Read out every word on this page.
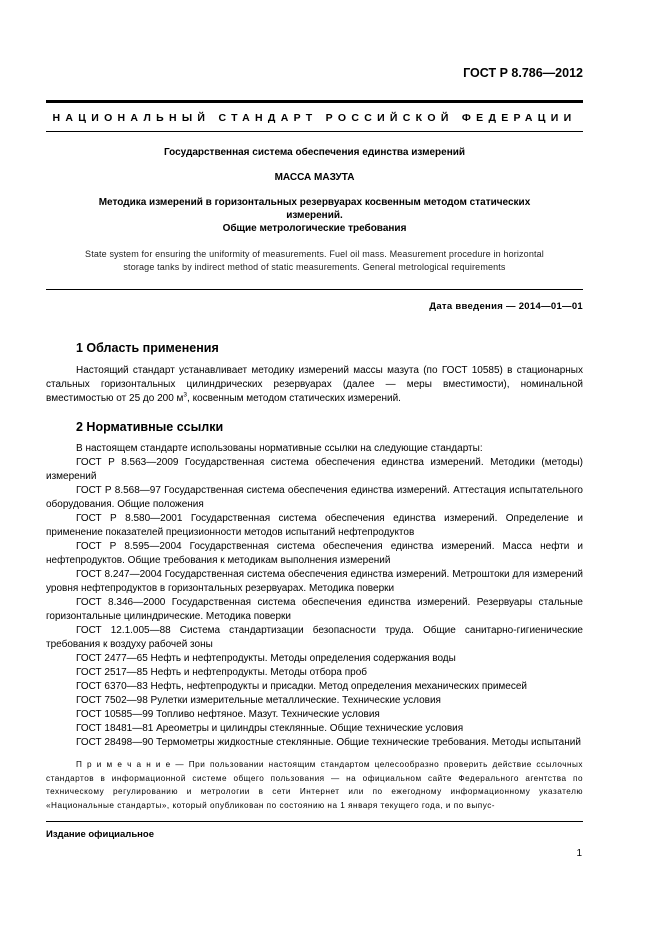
ГОСТ Р 8.786—2012
НАЦИОНАЛЬНЫЙ СТАНДАРТ РОССИЙСКОЙ ФЕДЕРАЦИИ
Государственная система обеспечения единства измерений
МАССА МАЗУТА
Методика измерений в горизонтальных резервуарах косвенным методом статических
измерений.
Общие метрологические требования
State system for ensuring the uniformity of measurements. Fuel oil mass. Measurement procedure in horizontal
storage tanks by indirect method of static measurements. General metrological requirements
Дата введения — 2014—01—01
1 Область применения

Настоящий стандарт устанавливает методику измерений массы мазута (по ГОСТ 10585) в стационарных стальных горизонтальных цилиндрических резервуарах (далее — меры вместимости), номинальной вместимостью от 25 до 200 $м^3$, косвенным методом статических измерений.

2 Нормативные ссылки

В настоящем стандарте использованы нормативные ссылки на следующие стандарты:

ГОСТ Р 8.563—2009 Государственная система обеспечения единства измерений. Методики (методы) измерений

ГОСТ Р 8.568—97 Государственная система обеспечения единства измерений. Аттестация испытательного оборудования. Общие положения

ГОСТ Р 8.580—2001 Государственная система обеспечения единства измерений. Определение и применение показателей прецизионности методов испытаний нефтепродуктов

ГОСТ Р 8.595—2004 Государственная система обеспечения единства измерений. Масса нефти и нефтепродуктов. Общие требования к методикам выполнения измерений

ГОСТ 8.247—2004 Государственная система обеспечения единства измерений. Метроштоки для измерений уровня нефтепродуктов в горизонтальных резервуарах. Методика поверки

ГОСТ 8.346—2000 Государственная система обеспечения единства измерений. Резервуары стальные горизонтальные цилиндрические. Методика поверки

ГОСТ 12.1.005—88 Система стандартизации безопасности труда. Общие санитарно-гигиенические требования к воздуху рабочей зоны

ГОСТ 2477—65 Нефть и нефтепродукты. Методы определения содержания воды

ГОСТ 2517—85 Нефть и нефтепродукты. Методы отбора проб

ГОСТ 6370—83 Нефть, нефтепродукты и присадки. Метод определения механических примесей

ГОСТ 7502—98 Рулетки измерительные металлические. Технические условия

ГОСТ 10585—99 Топливо нефтяное. Мазут. Технические условия

ГОСТ 18481—81 Ареометры и цилиндры стеклянные. Общие технические условия

ГОСТ 28498—90 Термометры жидкостные стеклянные. Общие технические требования. Методы испытаний

П р и м е ч а н и е — При пользовании настоящим стандартом целесообразно проверить действие ссылочных стандартов в информационной системе общего пользования — на официальном сайте Федерального агентства по техническому регулированию и метрологии в сети Интернет или по ежегодному информационному указателю «Национальные стандарты», который опубликован по состоянию на 1 января текущего года, и по выпус-

Издание официальное
1
